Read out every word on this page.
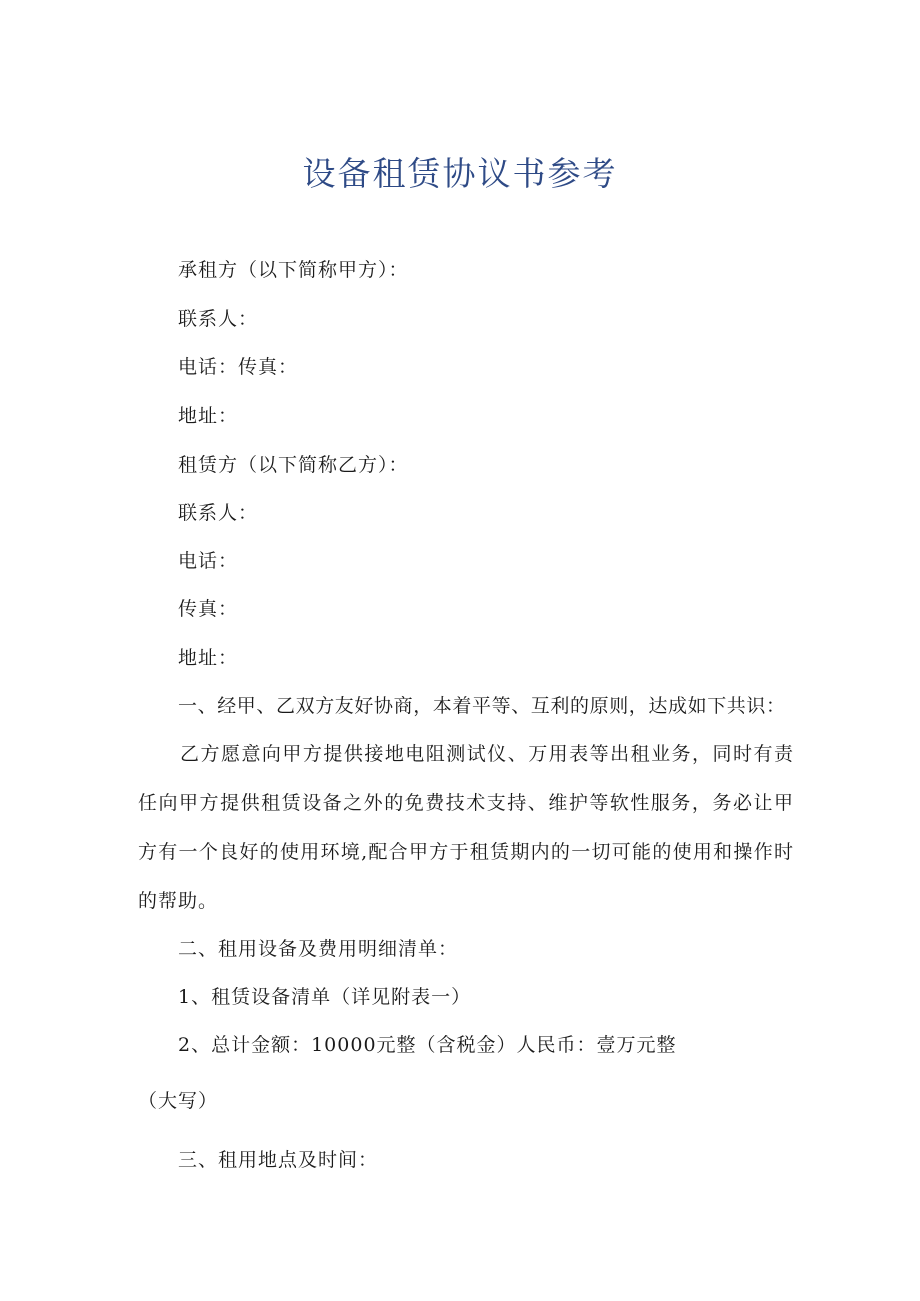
设备租赁协议书参考
承租方（以下简称甲方）：
联系人：
电话：传真：
地址：
租赁方（以下简称乙方）：
联系人：
电话：
传真：
地址：
一、经甲、乙双方友好协商，本着平等、互利的原则，达成如下共识：
乙方愿意向甲方提供接地电阻测试仪、万用表等出租业务，同时有责任向甲方提供租赁设备之外的免费技术支持、维护等软性服务，务必让甲方有一个良好的使用环境,配合甲方于租赁期内的一切可能的使用和操作时的帮助。
二、租用设备及费用明细清单：
1、租赁设备清单（详见附表一）
2、总计金额：10000元整（含税金）人民币：壹万元整
（大写）
三、租用地点及时间：
